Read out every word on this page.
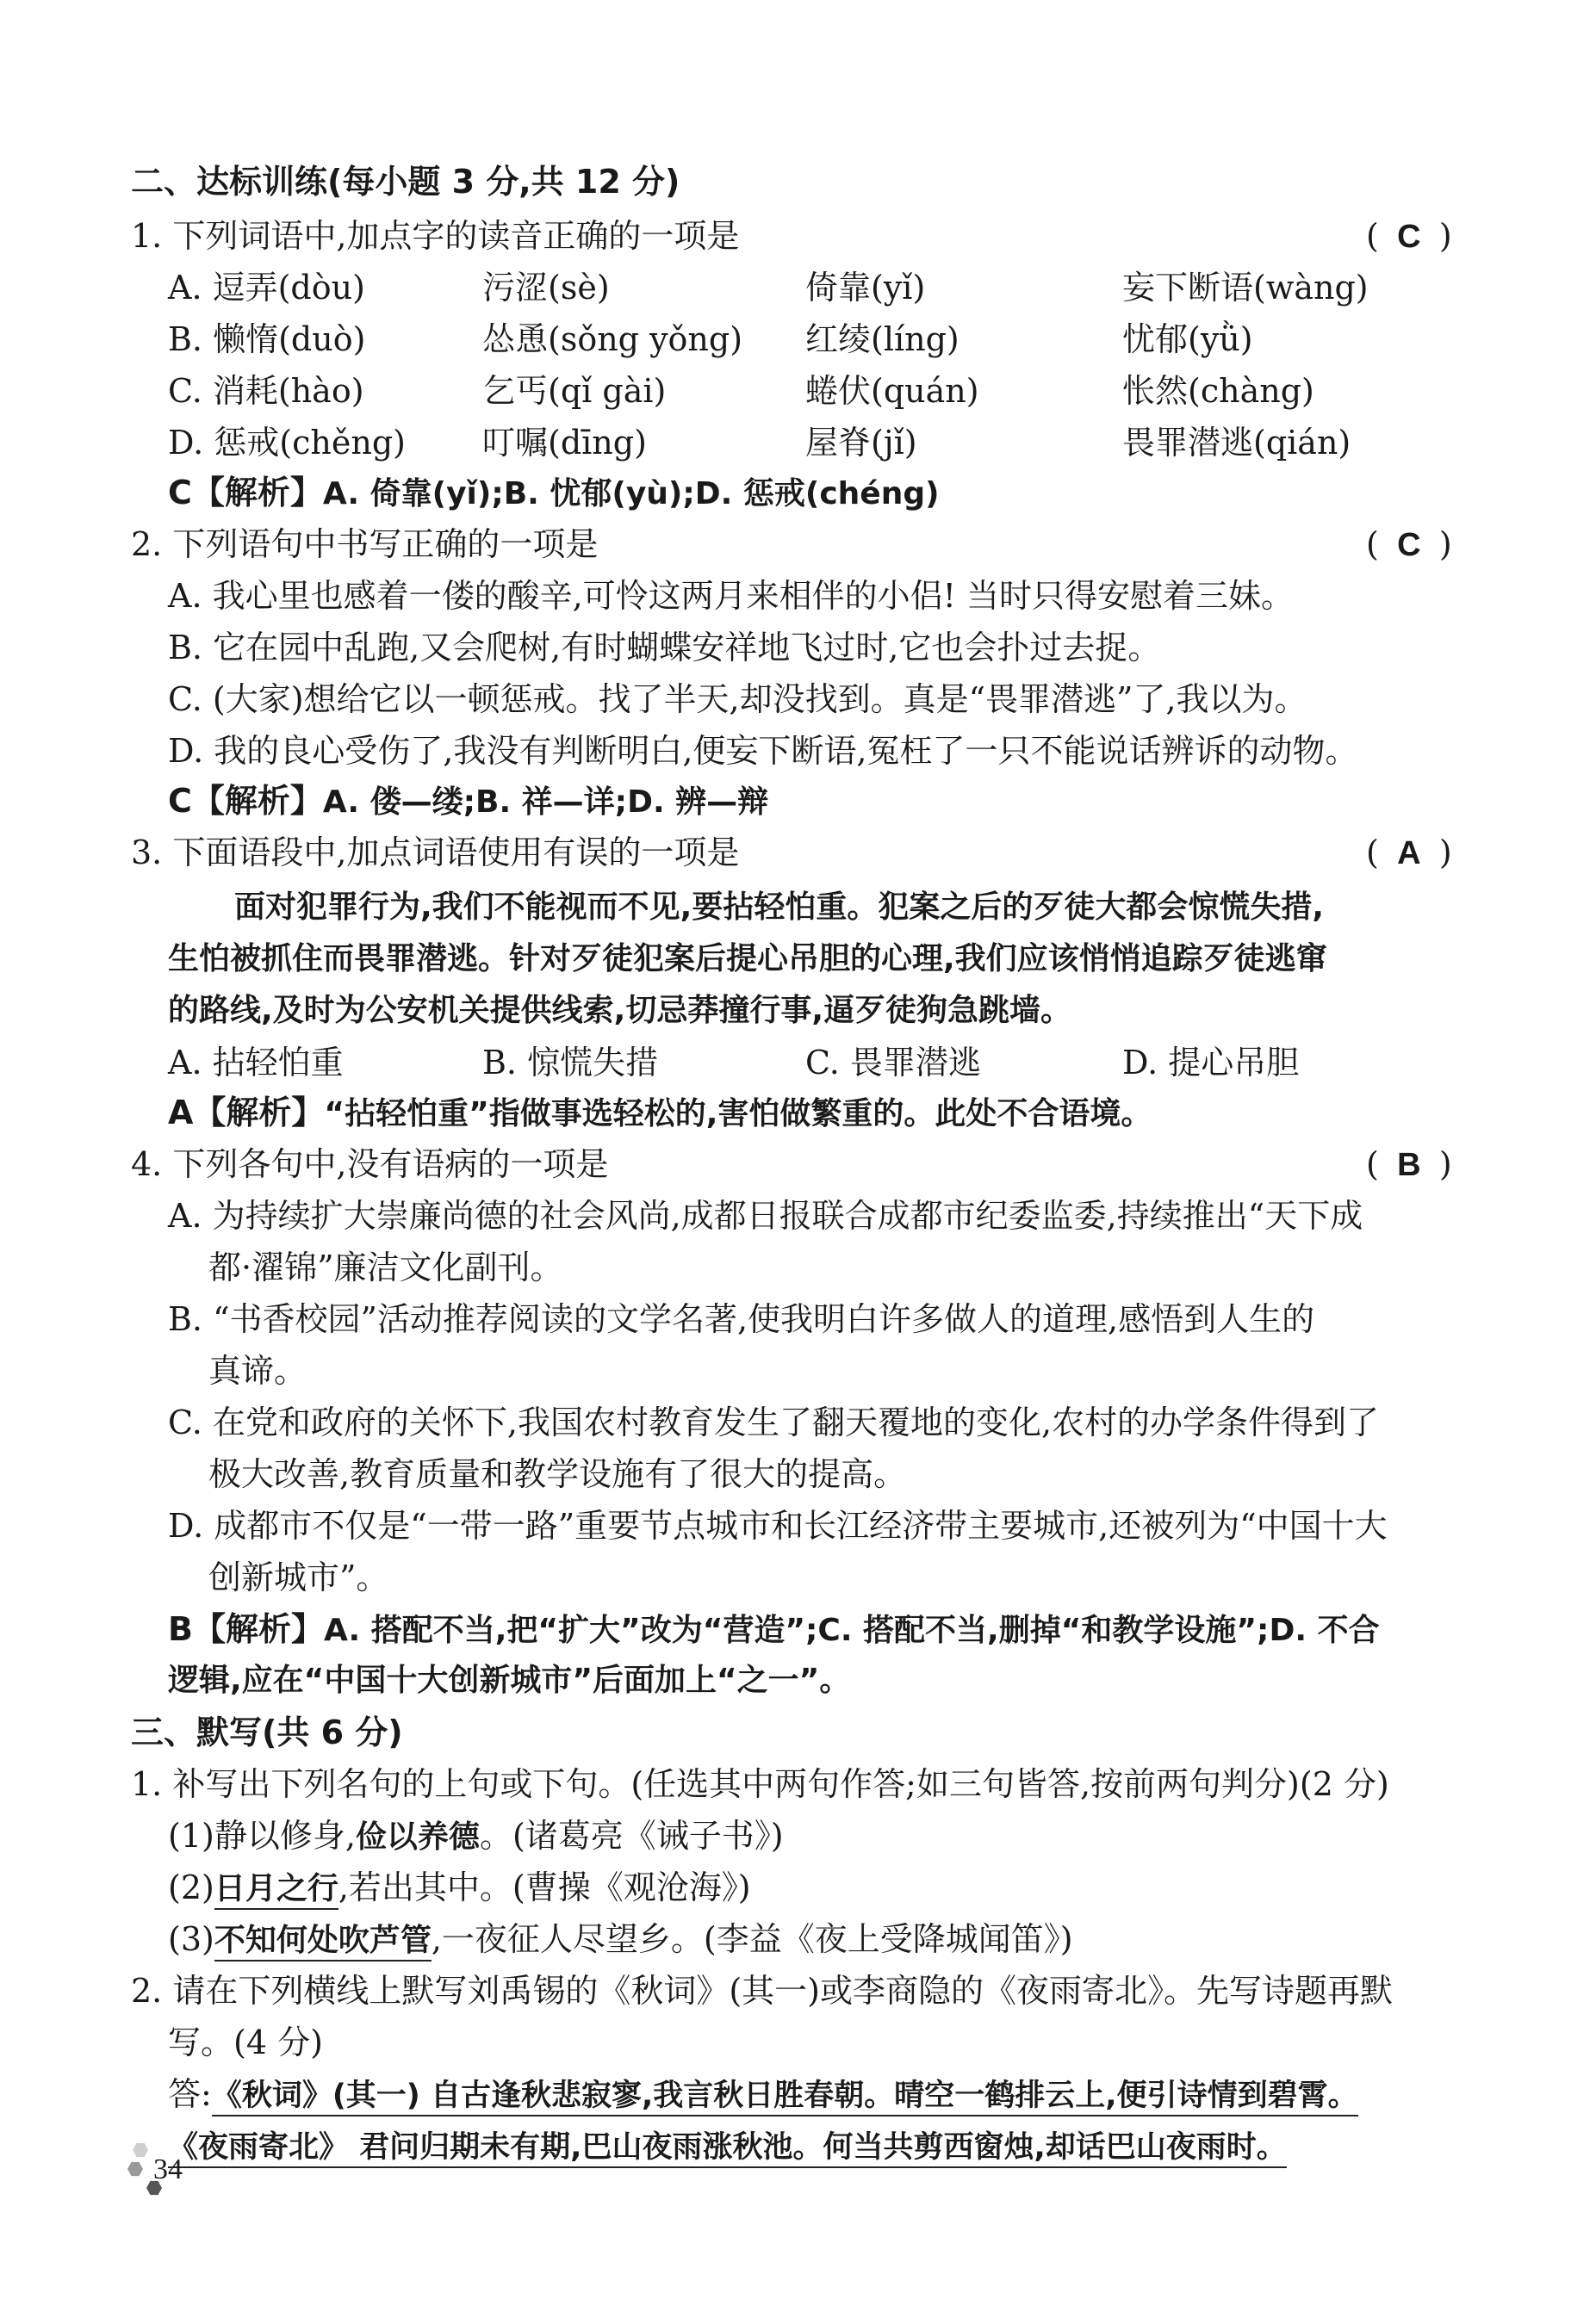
二、达标训练(每小题 3 分,共 12 分)
1. 下列词语中,加点字的读音正确的一项是	( C )
A. 逗弄(dòu)	污涩(sè)	倚靠(yǐ)	妄下断语(wàng)
B. 懒惰(duò)	怂恿(sǒng yǒng) 红绫(líng)	忧郁(yǜ)
C. 消耗(hào)	乞丐(qǐ gài)	蜷伏(quán)	怅然(chàng)
D. 惩戒(chěng) 叮嘱(dīng)	屋脊(jǐ)	畏罪潜逃(qián)
C【解析】A. 倚靠(yǐ);B. 忧郁(yù);D. 惩戒(chéng)
2. 下列语句中书写正确的一项是	( C )
A. 我心里也感着一偻的酸辛,可怜这两月来相伴的小侣! 当时只得安慰着三妹。
B. 它在园中乱跑,又会爬树,有时蝴蝶安祥地飞过时,它也会扑过去捉。
C. (大家)想给它以一顿惩戒。找了半天,却没找到。真是“畏罪潜逃”了,我以为。
D. 我的良心受伤了,我没有判断明白,便妄下断语,冤枉了一只不能说话辨诉的动物。
C【解析】A. 偻—缕;B. 祥—详;D. 辨—辩
3. 下面语段中,加点词语使用有误的一项是	( A )
面对犯罪行为,我们不能视而不见,要拈轻怕重。犯案之后的歹徒大都会惊慌失措,
生怕被抓住而畏罪潜逃。针对歹徒犯案后提心吊胆的心理,我们应该悄悄追踪歹徒逃窜
的路线,及时为公安机关提供线索,切忌莽撞行事,逼歹徒狗急跳墙。
A. 拈轻怕重	B. 惊慌失措	C. 畏罪潜逃	D. 提心吊胆
A【解析】“拈轻怕重”指做事选轻松的,害怕做繁重的。此处不合语境。
4. 下列各句中,没有语病的一项是	( B )
A. 为持续扩大崇廉尚德的社会风尚,成都日报联合成都市纪委监委,持续推出“天下成
都·濯锦”廉洁文化副刊。
B. “书香校园”活动推荐阅读的文学名著,使我明白许多做人的道理,感悟到人生的
真谛。
C. 在党和政府的关怀下,我国农村教育发生了翻天覆地的变化,农村的办学条件得到了
极大改善,教育质量和教学设施有了很大的提高。
D. 成都市不仅是“一带一路”重要节点城市和长江经济带主要城市,还被列为“中国十大
创新城市”。
B【解析】A. 搭配不当,把“扩大”改为“营造”;C. 搭配不当,删掉“和教学设施”;D. 不合
逻辑,应在“中国十大创新城市”后面加上“之一”。
三、默写(共 6 分)
1. 补写出下列名句的上句或下句。(任选其中两句作答;如三句皆答,按前两句判分)(2 分)
(1)静以修身,俭以养德。(诸葛亮《诫子书》)
(2)日月之行,若出其中。(曹操《观沧海》)
(3)不知何处吹芦管,一夜征人尽望乡。(李益《夜上受降城闻笛》)
2. 请在下列横线上默写刘禹锡的《秋词》(其一)或李商隐的《夜雨寄北》。先写诗题再默
写。(4 分)
答:《秋词》(其一) 自古逢秋悲寂寥,我言秋日胜春朝。晴空一鹤排云上,便引诗情到碧霄。
《夜雨寄北》 君问归期未有期,巴山夜雨涨秋池。何当共剪西窗烛,却话巴山夜雨时。
34
